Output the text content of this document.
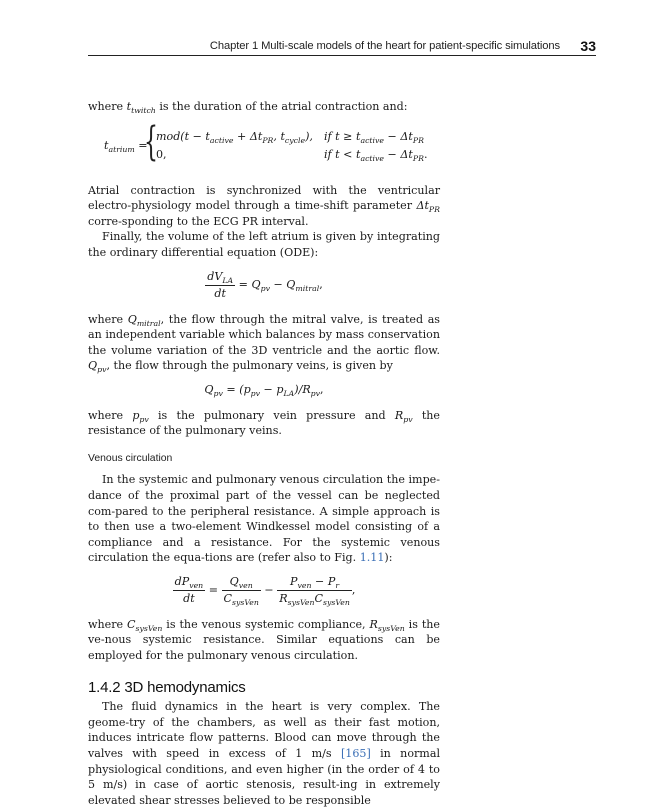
Chapter 1 Multi-scale models of the heart for patient-specific simulations 33

where $t_{twitch}$ is the duration of the atrial contraction and:

$t_{atrium}$ =
{
$mod(t - t_{active} + \Delta t_{PR}$, $t_{cycle}$),
0,
if $t \ge t_{active} - \Delta t_{PR}$
if $t < t_{active} - \Delta t_{PR}$.

Atrial contraction is synchronized with the ventricular electro-physiology model through a time-shift parameter $\Delta t_{PR}$ corre-sponding to the ECG PR interval.

Finally, the volume of the left atrium is given by integrating the ordinary differential equation (ODE):

$\frac{dV_{LA}}{dt} = Q_{pv} - Q_{mitral}$,

where $Q_{mitral}$, the flow through the mitral valve, is treated as an independent variable which balances by mass conservation the volume variation of the 3D ventricle and the aortic flow. $Q_{pv}$, the flow through the pulmonary veins, is given by

$Q_{pv} = (p_{pv} - p_{LA})/R_{pv}$,

where $p_{pv}$ is the pulmonary vein pressure and $R_{pv}$ the resistance of the pulmonary veins.

Venous circulation

In the systemic and pulmonary venous circulation the impe-dance of the proximal part of the vessel can be neglected com-pared to the peripheral resistance. A simple approach is to then use a two-element Windkessel model consisting of a compliance and a resistance. For the systemic venous circulation the equa-tions are (refer also to Fig. 1.11):

$\frac{dP_{ven}}{dt} = \frac{Q_{ven}}{C_{sysVen}} - \frac{P_{ven} - P_r}{R_{sysVen}C_{sysVen}}$ ,

where $C_{sysVen}$ is the venous systemic compliance, $R_{sysVen}$ is the ve-nous systemic resistance. Similar equations can be employed for the pulmonary venous circulation.

1.4.2 3D hemodynamics

The fluid dynamics in the heart is very complex. The geome-try of the chambers, as well as their fast motion, induces intricate flow patterns. Blood can move through the valves with speed in excess of 1 m/s [165] in normal physiological conditions, and even higher (in the order of 4 to 5 m/s) in case of aortic stenosis, result-ing in extremely elevated shear stresses believed to be responsible
